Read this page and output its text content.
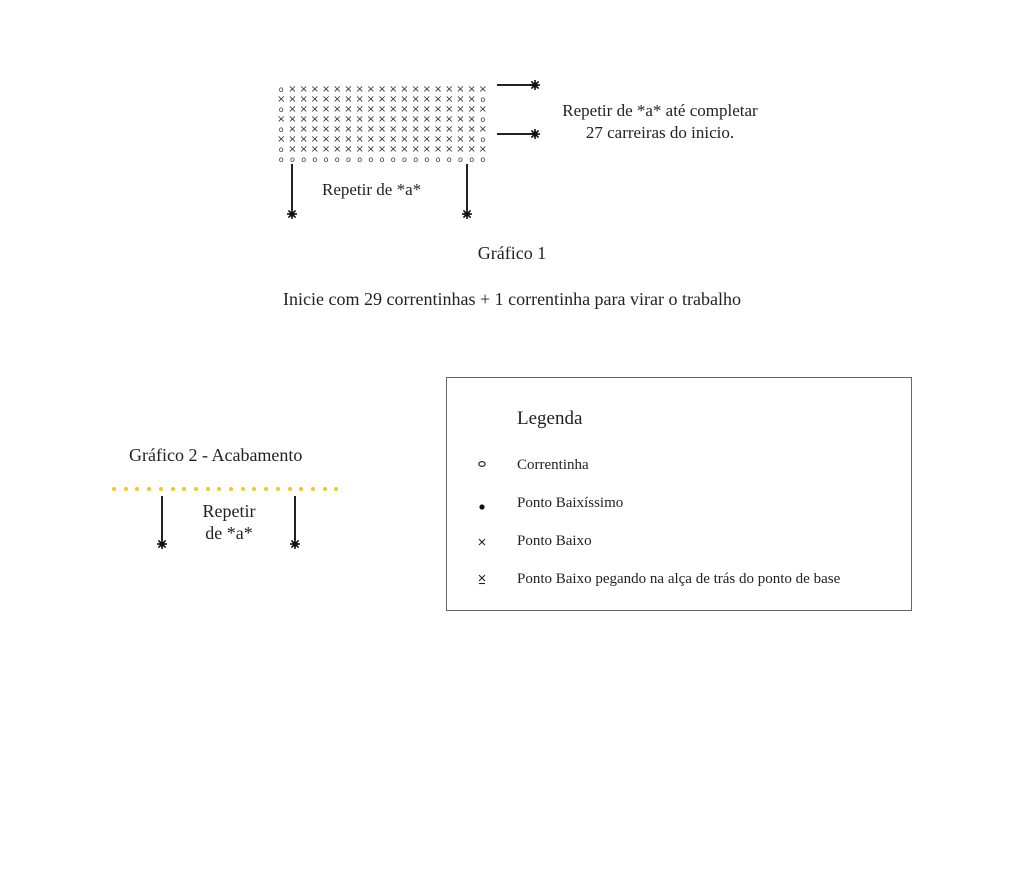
o × × × × × × × × × × × × × × × × × ×
× × × × × × × × × × × × × × × × × × o
o × × × × × × × × × × × × × × × × × ×
× × × × × × × × × × × × × × × × × × o
o × × × × × × × × × × × × × × × × × ×
× × × × × × × × × × × × × × × × × × o
o × × × × × × × × × × × × × × × × × ×
o o o o o o o o o o o o o o o o o o o
Repetir de *a* até completar
27 carreiras do inicio.
Repetir de *a*
Gráfico 1
Inicie com 29 correntinhas + 1 correntinha para virar o trabalho
Gráfico 2 - Acabamento
Repetir
de *a*
Legenda
Correntinha
Ponto Baixíssimo
Ponto Baixo
Ponto Baixo pegando na alça de trás do ponto de base
